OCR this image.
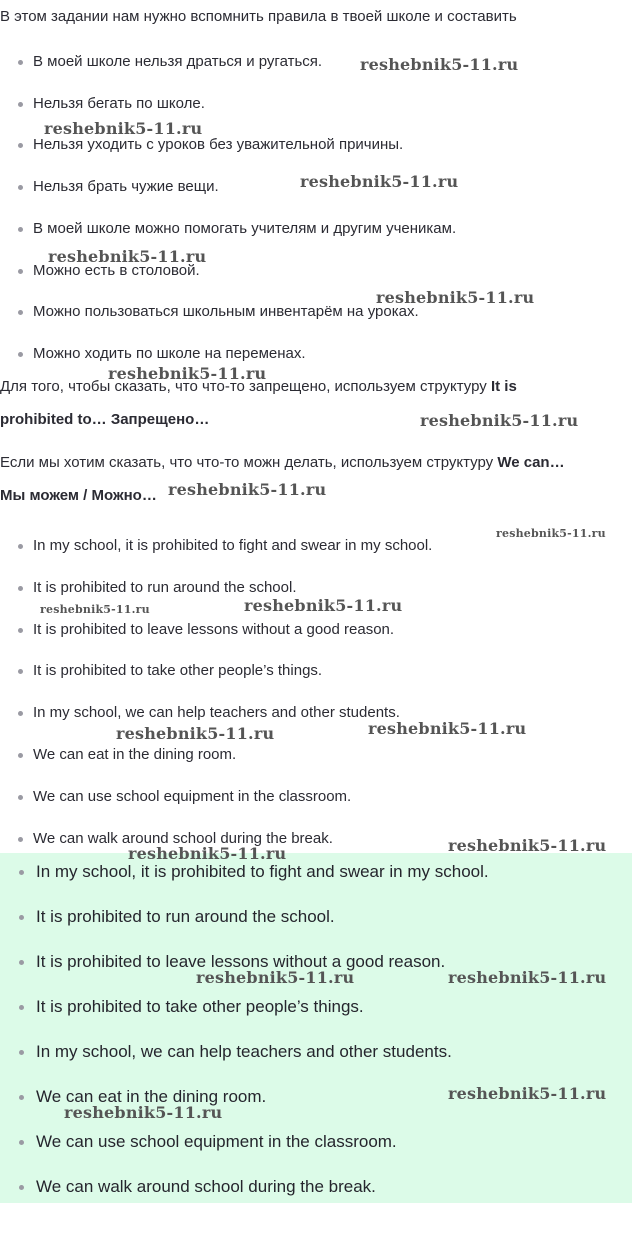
В этом задании нам нужно вспомнить правила в твоей школе и составить
В моей школе нельзя драться и ругаться.
Нельзя бегать по школе.
Нельзя уходить с уроков без уважительной причины.
Нельзя брать чужие вещи.
В моей школе можно помогать учителям и другим ученикам.
Можно есть в столовой.
Можно пользоваться школьным инвентарём на уроках.
Можно ходить по школе на переменах.
Для того, чтобы сказать, что что-то запрещено, используем структуру It is
prohibited to… Запрещено…
Если мы хотим сказать, что что-то можн делать, используем структуру We can…
Мы можем / Можно…
In my school, it is prohibited to fight and swear in my school.
It is prohibited to run around the school.
It is prohibited to leave lessons without a good reason.
It is prohibited to take other people’s things.
In my school, we can help teachers and other students.
We can eat in the dining room.
We can use school equipment in the classroom.
We can walk around school during the break.
In my school, it is prohibited to fight and swear in my school.
It is prohibited to run around the school.
It is prohibited to leave lessons without a good reason.
It is prohibited to take other people’s things.
In my school, we can help teachers and other students.
We can eat in the dining room.
We can use school equipment in the classroom.
We can walk around school during the break.
reshebnik5-11.ru
reshebnik5-11.ru
reshebnik5-11.ru
reshebnik5-11.ru
reshebnik5-11.ru
reshebnik5-11.ru
reshebnik5-11.ru
reshebnik5-11.ru
reshebnik5-11.ru
reshebnik5-11.ru	reshebnik5-11.ru
reshebnik5-11.ru	reshebnik5-11.ru
reshebnik5-11.ru
reshebnik5-11.ru
reshebnik5-11.ru	reshebnik5-11.ru
reshebnik5-11.ru
reshebnik5-11.ru
